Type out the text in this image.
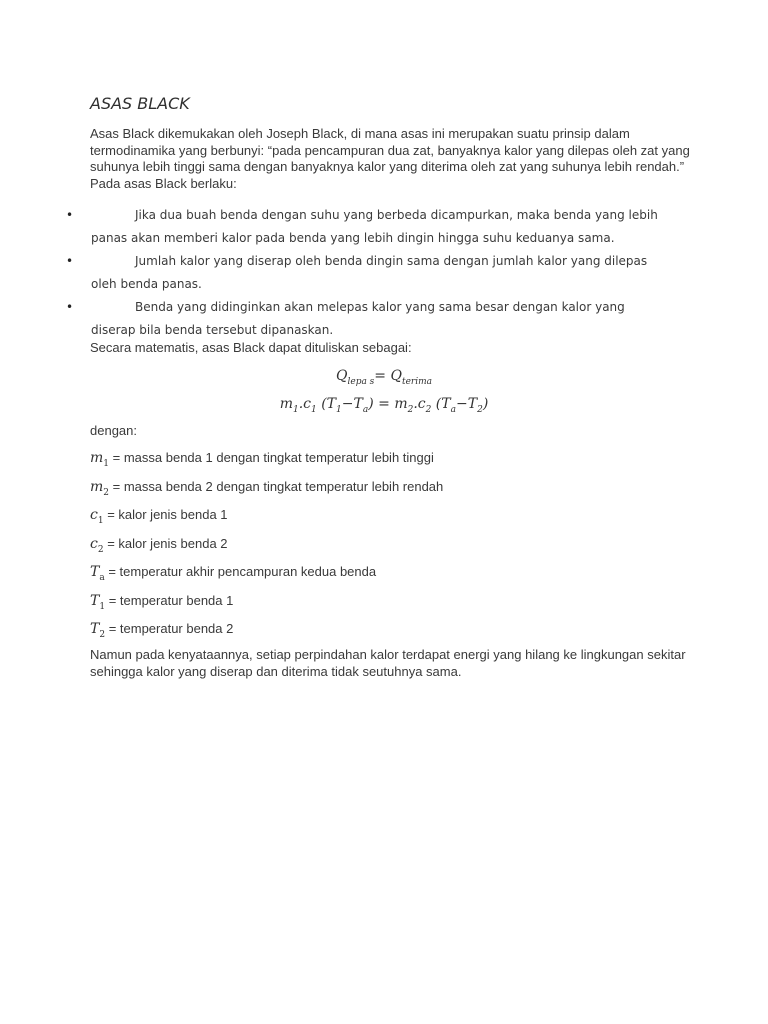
ASAS BLACK

Asas Black dikemukakan oleh Joseph Black, di mana asas ini merupakan suatu prinsip dalam termodinamika yang berbunyi: “pada pencampuran dua zat, banyaknya kalor yang dilepas oleh zat yang suhunya lebih tinggi sama dengan banyaknya kalor yang diterima oleh zat yang suhunya lebih rendah.” Pada asas Black berlaku:

•	Jika dua buah benda dengan suhu yang berbeda dicampurkan, maka benda yang lebih panas akan memberi kalor pada benda yang lebih dingin hingga suhu keduanya sama.
•	Jumlah kalor yang diserap oleh benda dingin sama dengan jumlah kalor yang dilepas oleh benda panas.
•	Benda yang didinginkan akan melepas kalor yang sama besar dengan kalor yang diserap bila benda tersebut dipanaskan.

Secara matematis, asas Black dapat dituliskan sebagai:

$Q_{lepa s}= Q_{terima}$
$m_1.c_1$ $(T_1-T_a) = m_2.c_2$ $(T_a-T_2)$

dengan:

$m_1$ = massa benda 1 dengan tingkat temperatur lebih tinggi
$m_2$ = massa benda 2 dengan tingkat temperatur lebih rendah
$c_1$ = kalor jenis benda 1
$c_2$ = kalor jenis benda 2
$T_a$ = temperatur akhir pencampuran kedua benda
$T_1$ = temperatur benda 1
$T_2$ = temperatur benda 2

Namun pada kenyataannya, setiap perpindahan kalor terdapat energi yang hilang ke lingkungan sekitar sehingga kalor yang diserap dan diterima tidak seutuhnya sama.
